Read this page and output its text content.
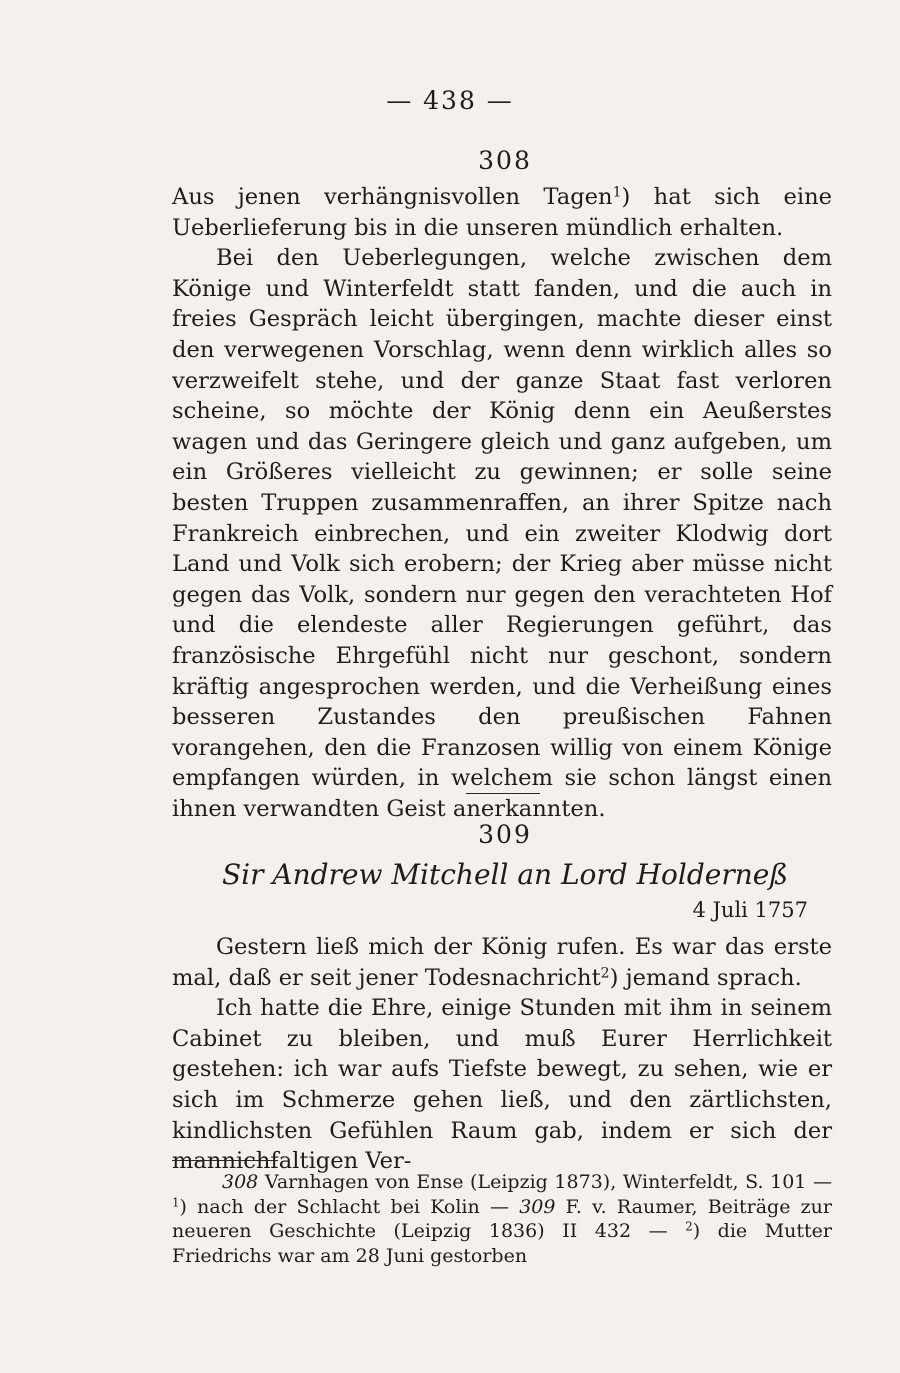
— 438 —
308

Aus jenen verhängnisvollen Tagen$^1$) hat sich eine Ueberlieferung bis in die unseren mündlich erhalten.

Bei den Ueberlegungen, welche zwischen dem Könige und Winterfeldt statt fanden, und die auch in freies Gespräch leicht übergingen, machte dieser einst den verwegenen Vorschlag, wenn denn wirklich alles so verzweifelt stehe, und der ganze Staat fast verloren scheine, so möchte der König denn ein Aeußerstes wagen und das Geringere gleich und ganz aufgeben, um ein Größeres vielleicht zu gewinnen; er solle seine besten Truppen zusammenraffen, an ihrer Spitze nach Frankreich einbrechen, und ein zweiter Klodwig dort Land und Volk sich erobern; der Krieg aber müsse nicht gegen das Volk, sondern nur gegen den verachteten Hof und die elendeste aller Regierungen geführt, das französische Ehrgefühl nicht nur geschont, sondern kräftig angesprochen werden, und die Verheißung eines besseren Zustandes den preußischen Fahnen vorangehen, den die Franzosen willig von einem Könige empfangen würden, in welchem sie schon längst einen ihnen verwandten Geist anerkannten.

309
Sir Andrew Mitchell an Lord Holderneß
4 Juli 1757

Gestern ließ mich der König rufen. Es war das erste mal, daß er seit jener Todesnachricht$^2$) jemand sprach.

Ich hatte die Ehre, einige Stunden mit ihm in seinem Cabinet zu bleiben, und muß Eurer Herrlichkeit gestehen: ich war aufs Tiefste bewegt, zu sehen, wie er sich im Schmerze gehen ließ, und den zärtlichsten, kindlichsten Gefühlen Raum gab, indem er sich der mannichfaltigen Ver-

308 Varnhagen von Ense (Leipzig 1873), Winterfeldt, S. 101 — $^1$) nach der Schlacht bei Kolin — 309 F. v. Raumer, Beiträge zur neueren Geschichte (Leipzig 1836) II 432 — $^2$) die Mutter Friedrichs war am 28 Juni gestorben
